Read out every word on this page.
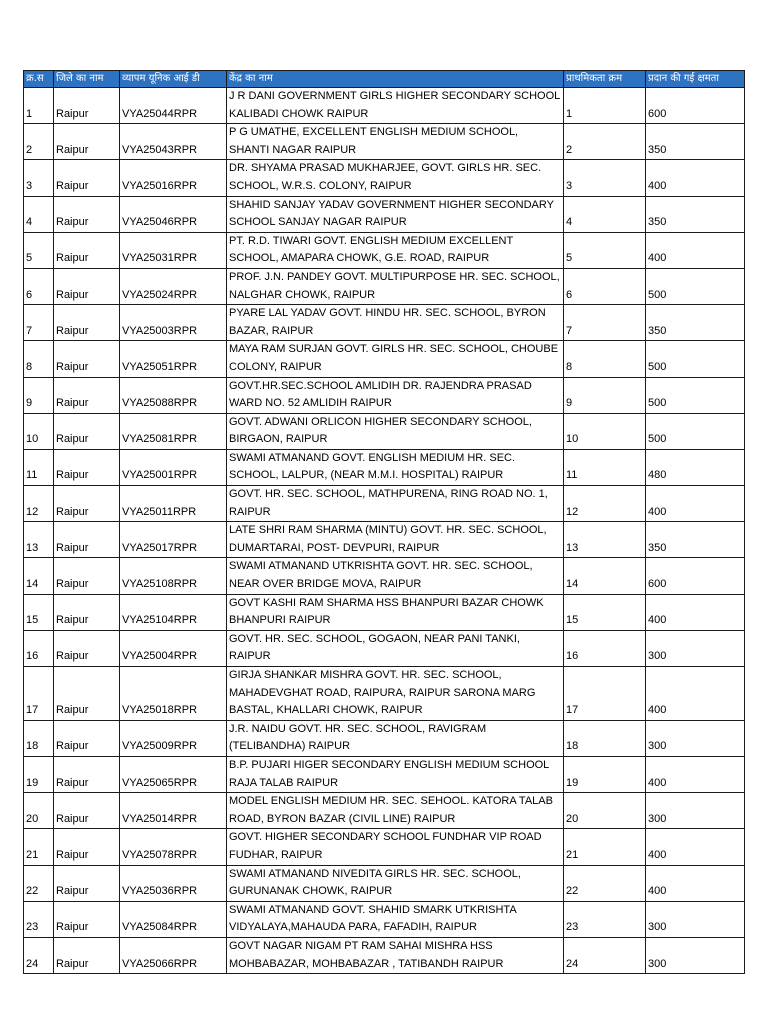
क्र.स	जिले का नाम	व्यापम यूनिक आई डी	केंद्र का नाम	प्राथमिकता क्रम	प्रदान की गई क्षमता
1	Raipur	VYA25044RPR	J R DANI GOVERNMENT GIRLS HIGHER SECONDARY SCHOOL KALIBADI CHOWK RAIPUR	1	600
2	Raipur	VYA25043RPR	P G UMATHE, EXCELLENT ENGLISH MEDIUM SCHOOL, SHANTI NAGAR RAIPUR	2	350
3	Raipur	VYA25016RPR	DR. SHYAMA PRASAD MUKHARJEE, GOVT. GIRLS HR. SEC. SCHOOL, W.R.S. COLONY, RAIPUR	3	400
4	Raipur	VYA25046RPR	SHAHID SANJAY YADAV GOVERNMENT HIGHER SECONDARY SCHOOL SANJAY NAGAR RAIPUR	4	350
5	Raipur	VYA25031RPR	PT. R.D. TIWARI GOVT. ENGLISH MEDIUM EXCELLENT SCHOOL, AMAPARA CHOWK, G.E. ROAD, RAIPUR	5	400
6	Raipur	VYA25024RPR	PROF. J.N. PANDEY GOVT. MULTIPURPOSE HR. SEC. SCHOOL, NALGHAR CHOWK, RAIPUR	6	500
7	Raipur	VYA25003RPR	PYARE LAL YADAV GOVT. HINDU HR. SEC. SCHOOL, BYRON BAZAR, RAIPUR	7	350
8	Raipur	VYA25051RPR	MAYA RAM SURJAN GOVT. GIRLS HR. SEC. SCHOOL, CHOUBE COLONY, RAIPUR	8	500
9	Raipur	VYA25088RPR	GOVT.HR.SEC.SCHOOL AMLIDIH DR. RAJENDRA PRASAD WARD NO. 52 AMLIDIH RAIPUR	9	500
10	Raipur	VYA25081RPR	GOVT. ADWANI ORLICON HIGHER SECONDARY SCHOOL, BIRGAON, RAIPUR	10	500
11	Raipur	VYA25001RPR	SWAMI ATMANAND GOVT. ENGLISH MEDIUM HR. SEC. SCHOOL, LALPUR, (NEAR M.M.I. HOSPITAL) RAIPUR	11	480
12	Raipur	VYA25011RPR	GOVT. HR. SEC. SCHOOL, MATHPURENA, RING ROAD NO. 1, RAIPUR	12	400
13	Raipur	VYA25017RPR	LATE SHRI RAM SHARMA (MINTU) GOVT. HR. SEC. SCHOOL, DUMARTARAI, POST- DEVPURI, RAIPUR	13	350
14	Raipur	VYA25108RPR	SWAMI ATMANAND UTKRISHTA GOVT. HR. SEC. SCHOOL, NEAR OVER BRIDGE MOVA, RAIPUR	14	600
15	Raipur	VYA25104RPR	GOVT KASHI RAM SHARMA HSS BHANPURI BAZAR CHOWK BHANPURI RAIPUR	15	400
16	Raipur	VYA25004RPR	GOVT. HR. SEC. SCHOOL, GOGAON, NEAR PANI TANKI, RAIPUR	16	300
17	Raipur	VYA25018RPR	GIRJA SHANKAR MISHRA GOVT. HR. SEC. SCHOOL, MAHADEVGHAT ROAD, RAIPURA, RAIPUR SARONA MARG BASTAL, KHALLARI CHOWK, RAIPUR	17	400
18	Raipur	VYA25009RPR	J.R. NAIDU GOVT. HR. SEC. SCHOOL, RAVIGRAM (TELIBANDHA) RAIPUR	18	300
19	Raipur	VYA25065RPR	B.P. PUJARI HIGER SECONDARY ENGLISH MEDIUM SCHOOL RAJA TALAB RAIPUR	19	400
20	Raipur	VYA25014RPR	MODEL ENGLISH MEDIUM HR. SEC. SEHOOL. KATORA TALAB ROAD, BYRON BAZAR (CIVIL LINE) RAIPUR	20	300
21	Raipur	VYA25078RPR	GOVT. HIGHER SECONDARY SCHOOL FUNDHAR VIP ROAD FUDHAR, RAIPUR	21	400
22	Raipur	VYA25036RPR	SWAMI ATMANAND NIVEDITA GIRLS HR. SEC. SCHOOL, GURUNANAK CHOWK, RAIPUR	22	400
23	Raipur	VYA25084RPR	SWAMI ATMANAND GOVT. SHAHID SMARK UTKRISHTA VIDYALAYA,MAHAUDA PARA, FAFADIH, RAIPUR	23	300
24	Raipur	VYA25066RPR	GOVT NAGAR NIGAM PT RAM SAHAI MISHRA HSS MOHBABAZAR, MOHBABAZAR , TATIBANDH RAIPUR	24	300
